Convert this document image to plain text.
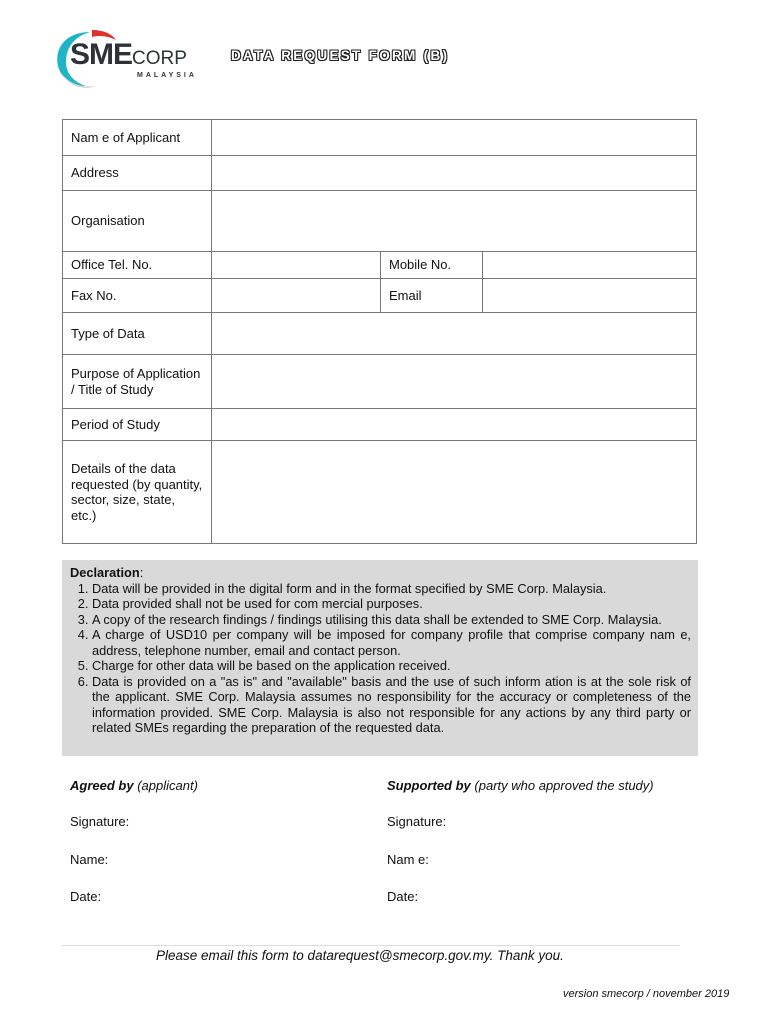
SMECORP
MALAYSIA
DATA REQUEST FORM (B)
Nam e of Applicant			
Address			
Organisation			
Office Tel. No.		Mobile No.	
Fax No.		Email	
Type of Data			
Purpose of Application / Title of Study			
Period of Study			
Details of the data requested (by quantity, sector, size, state, etc.)			
Declaration:
1. Data will be provided in the digital form and in the format specified by SME Corp. Malaysia.
2. Data provided shall not be used for com mercial purposes.
3. A copy of the research findings / findings utilising this data shall be extended to SME Corp. Malaysia.
4. A charge of USD10 per company will be imposed for company profile that comprise company nam e, address, telephone number, email and contact person.
5. Charge for other data will be based on the application received.
6. Data is provided on a "as is" and "available" basis and the use of such inform ation is at the sole risk of the applicant. SME Corp. Malaysia assumes no responsibility for the accuracy or completeness of the information provided. SME Corp. Malaysia is also not responsible for any actions by any third party or related SMEs regarding the preparation of the requested data.
Agreed by (applicant)	Supported by (party who approved the study)
Signature:	Signature:
Name:	Nam e:
Date:	Date:
Please email this form to datarequest@smecorp.gov.my. Thank you.
version smecorp / november 2019
